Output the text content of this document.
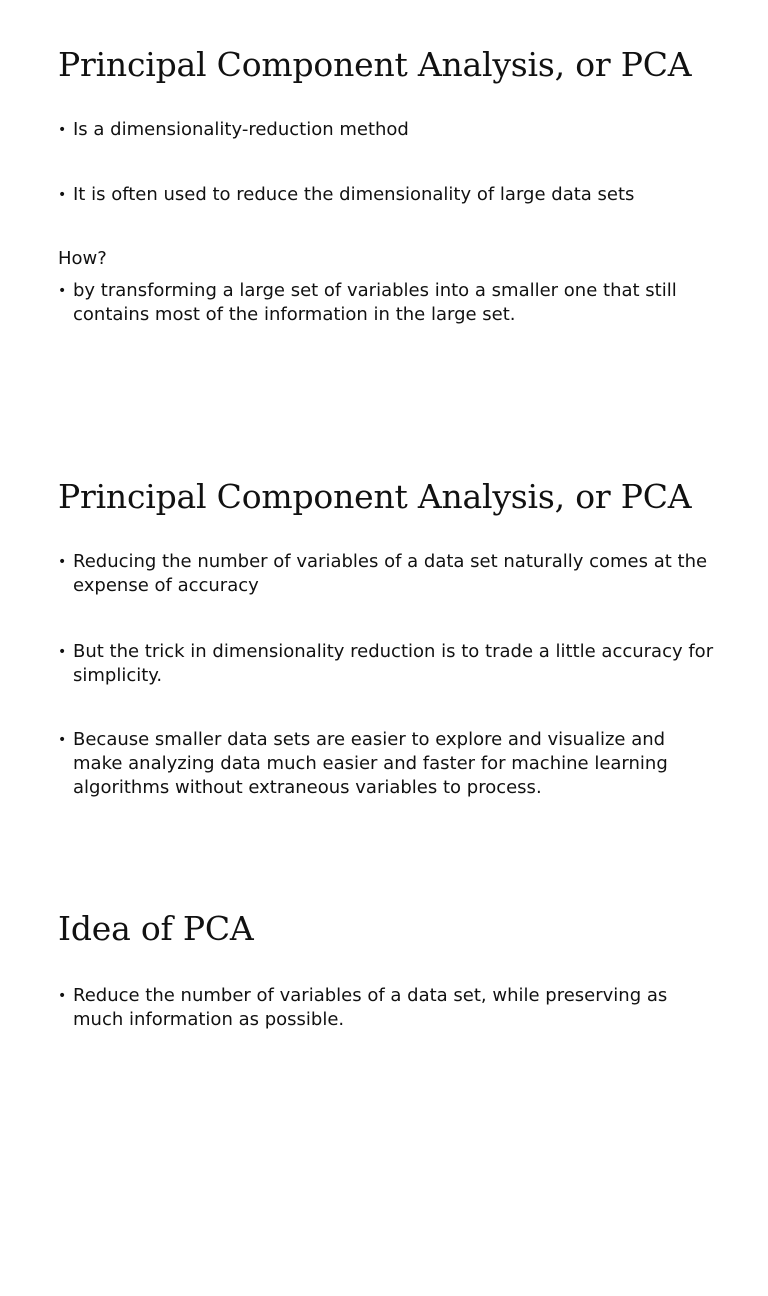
Principal Component Analysis, or PCA
• Is a dimensionality-reduction method
• It is often used to reduce the dimensionality of large data sets
How?
• by transforming a large set of variables into a smaller one that still contains most of the information in the large set.
Principal Component Analysis, or PCA
• Reducing the number of variables of a data set naturally comes at the expense of accuracy
• But the trick in dimensionality reduction is to trade a little accuracy for simplicity.
• Because smaller data sets are easier to explore and visualize and make analyzing data much easier and faster for machine learning algorithms without extraneous variables to process.
Idea of PCA
• Reduce the number of variables of a data set, while preserving as much information as possible.
